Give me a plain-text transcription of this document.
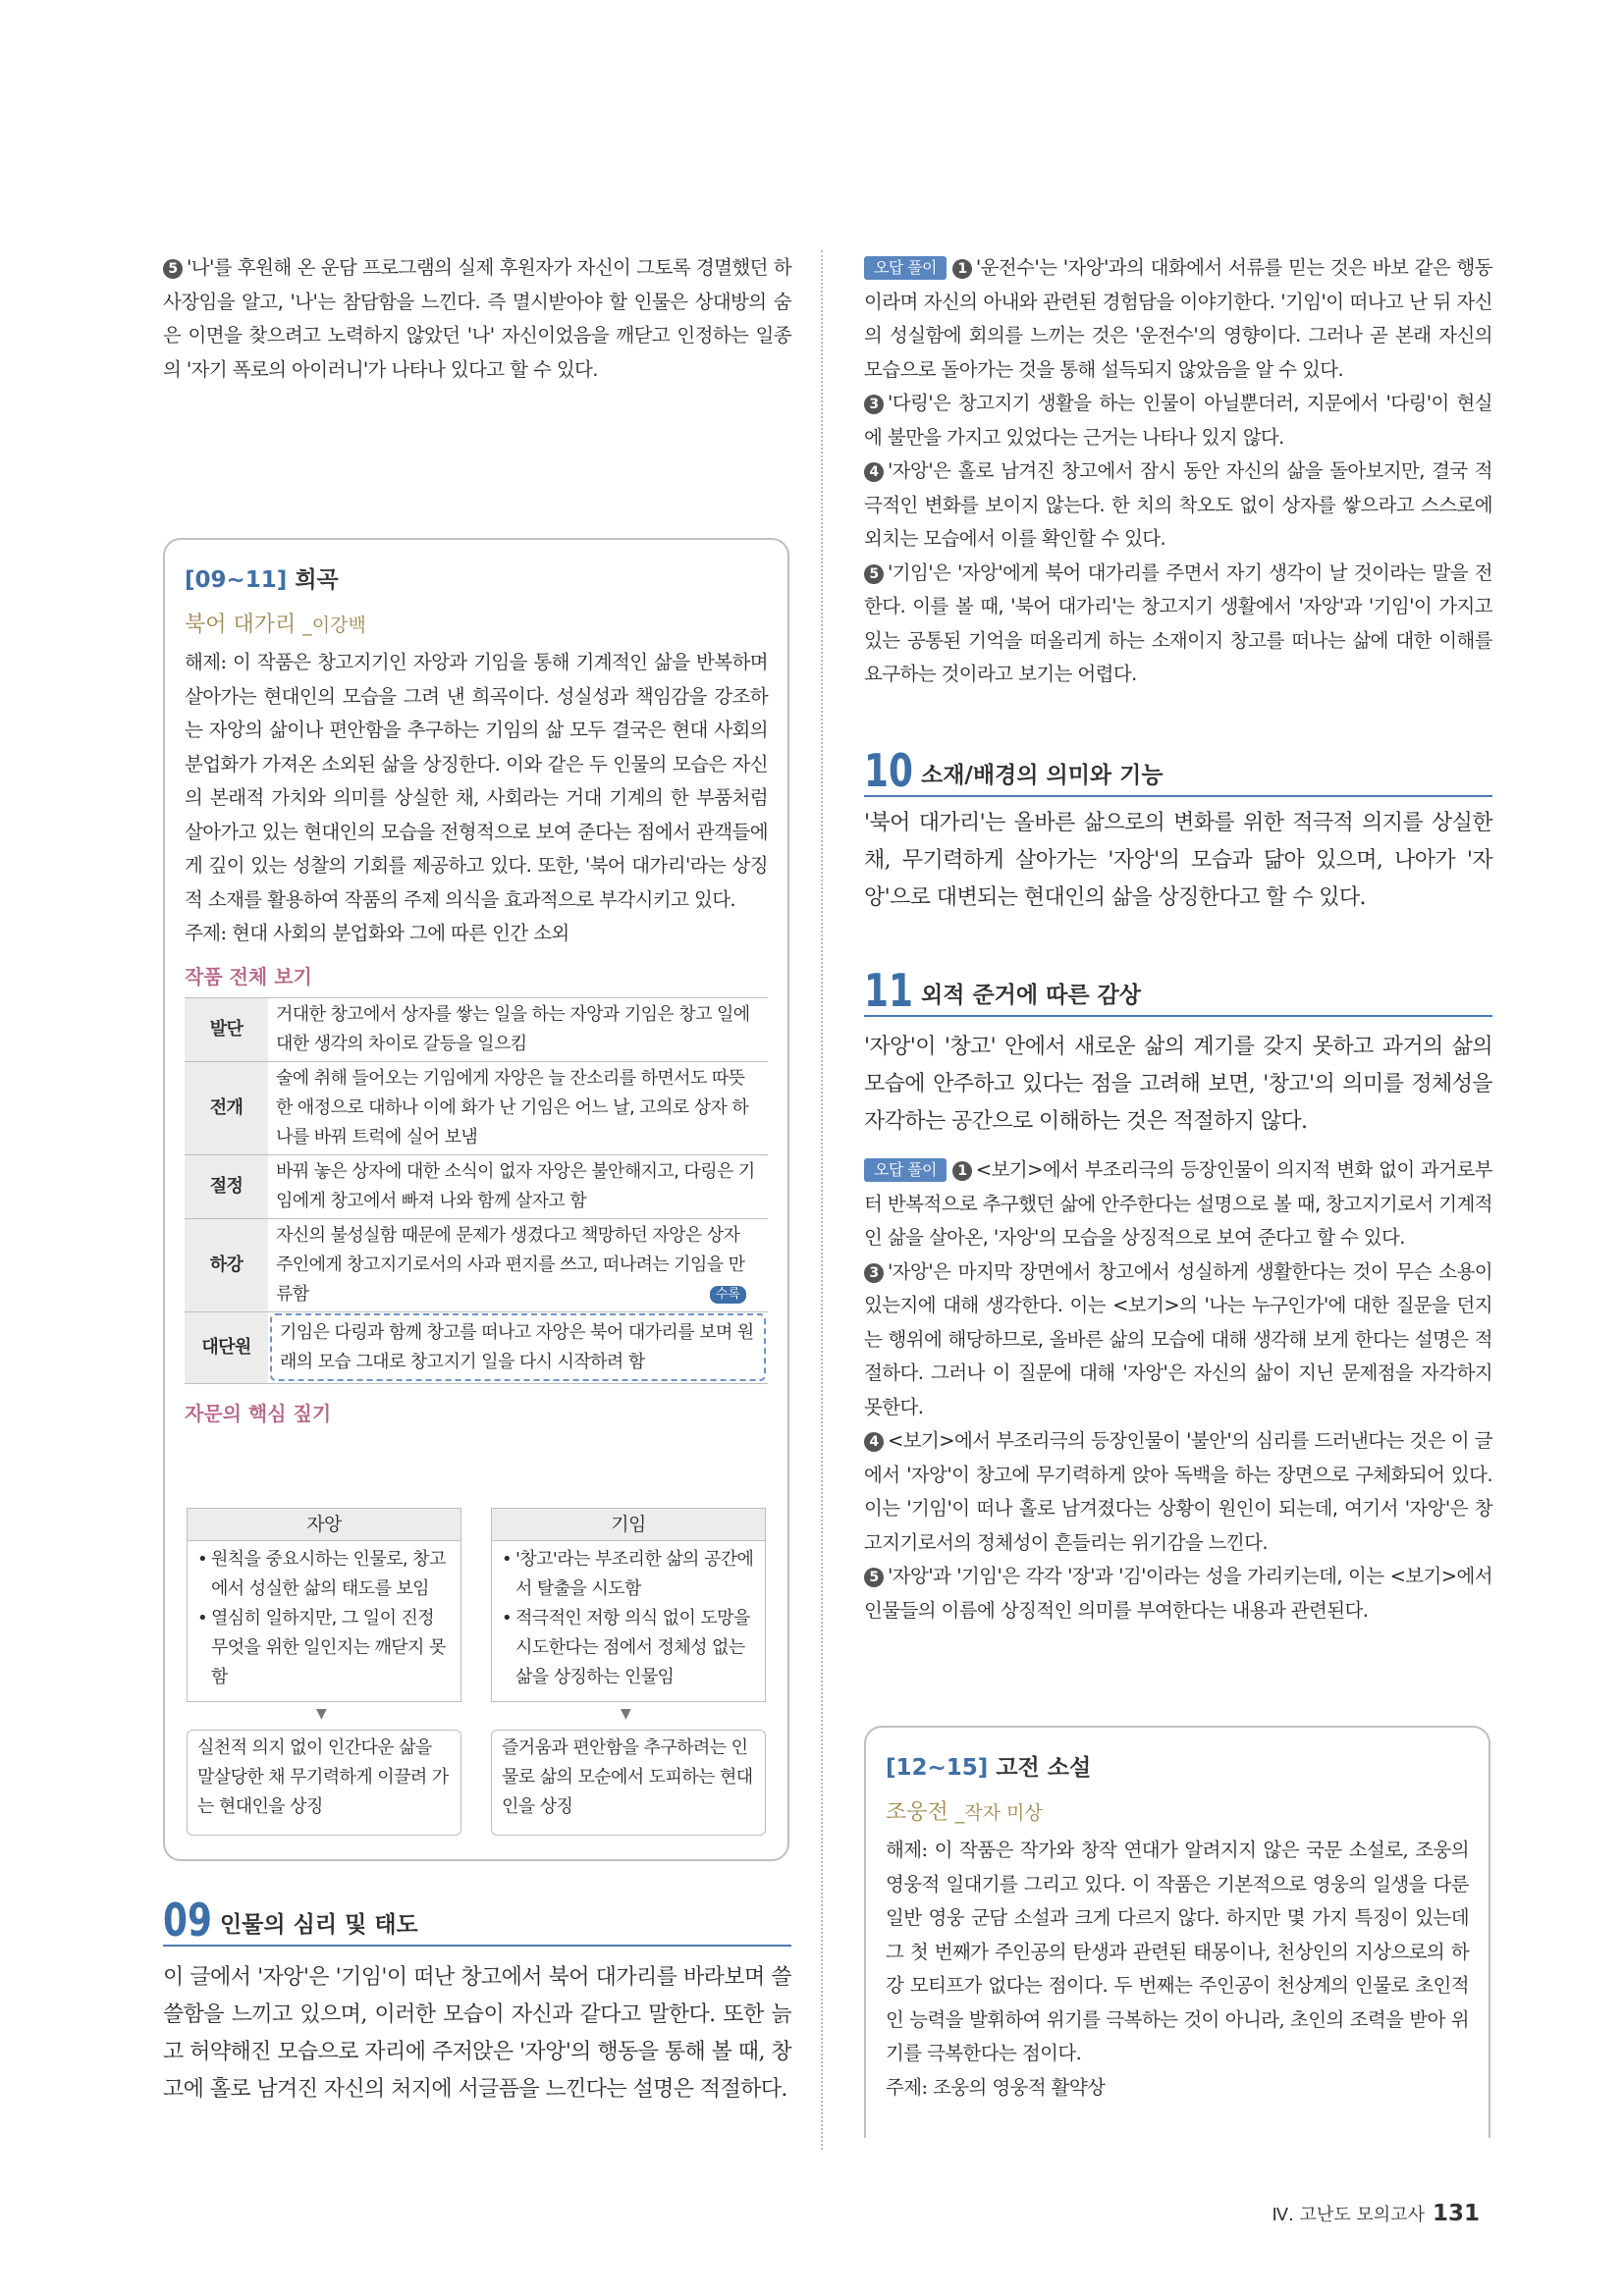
5 '나'를 후원해 온 운담 프로그램의 실제 후원자가 자신이 그토록 경멸했던 하 사장임을 알고, '나'는 참담함을 느낀다. 즉 멸시받아야 할 인물은 상대방의 숨은 이면을 찾으려고 노력하지 않았던 '나' 자신이었음을 깨닫고 인정하는 일종의 '자기 폭로의 아이러니'가 나타나 있다고 할 수 있다.

[09~11] 희곡
북어 대가리 _이강백

해제: 이 작품은 창고지기인 자앙과 기임을 통해 기계적인 삶을 반복하며 살아가는 현대인의 모습을 그려 낸 희곡이다. 성실성과 책임감을 강조하는 자앙의 삶이나 편안함을 추구하는 기임의 삶 모두 결국은 현대 사회의 분업화가 가져온 소외된 삶을 상징한다. 이와 같은 두 인물의 모습은 자신의 본래적 가치와 의미를 상실한 채, 사회라는 거대 기계의 한 부품처럼 살아가고 있는 현대인의 모습을 전형적으로 보여 준다는 점에서 관객들에게 깊이 있는 성찰의 기회를 제공하고 있다. 또한, '북어 대가리'라는 상징적 소재를 활용하여 작품의 주제 의식을 효과적으로 부각시키고 있다.

주제: 현대 사회의 분업화와 그에 따른 인간 소외

작품 전체 보기
발단	거대한 창고에서 상자를 쌓는 일을 하는 자앙과 기임은 창고 일에 대한 생각의 차이로 갈등을 일으킴
전개	술에 취해 들어오는 기임에게 자앙은 늘 잔소리를 하면서도 따뜻한 애정으로 대하나 이에 화가 난 기임은 어느 날, 고의로 상자 하나를 바꿔 트럭에 실어 보냄
절정	바꿔 놓은 상자에 대한 소식이 없자 자앙은 불안해지고, 다링은 기임에게 창고에서 빠져 나와 함께 살자고 함
하강	자신의 불성실함 때문에 문제가 생겼다고 책망하던 자앙은 상자 주인에게 창고지기로서의 사과 편지를 쓰고, 떠나려는 기임을 만류함
대단원	기임은 다링과 함께 창고를 떠나고 자앙은 북어 대가리를 보며 원래의 모습 그대로 창고지기 일을 다시 시작하려 함
수록
자문의 핵심 짚기
자앙
• 원칙을 중요시하는 인물로, 창고에서 성실한 삶의 태도를 보임
• 열심히 일하지만, 그 일이 진정 무엇을 위한 일인지는 깨닫지 못함
기임
• '창고'라는 부조리한 삶의 공간에서 탈출을 시도함
• 적극적인 저항 의식 없이 도망을 시도한다는 점에서 정체성 없는 삶을 상징하는 인물임
▼	▼
실천적 의지 없이 인간다운 삶을 말살당한 채 무기력하게 이끌려 가는 현대인을 상징
즐거움과 편안함을 추구하려는 인물로 삶의 모순에서 도피하는 현대인을 상징
09 인물의 심리 및 태도

이 글에서 '자앙'은 '기임'이 떠난 창고에서 북어 대가리를 바라보며 쓸쓸함을 느끼고 있으며, 이러한 모습이 자신과 같다고 말한다. 또한 늙고 허약해진 모습으로 자리에 주저앉은 '자앙'의 행동을 통해 볼 때, 창고에 홀로 남겨진 자신의 처지에 서글픔을 느낀다는 설명은 적절하다.

오답 풀이 1 '운전수'는 '자앙'과의 대화에서 서류를 믿는 것은 바보 같은 행동이라며 자신의 아내와 관련된 경험담을 이야기한다. '기임'이 떠나고 난 뒤 자신의 성실함에 회의를 느끼는 것은 '운전수'의 영향이다. 그러나 곧 본래 자신의 모습으로 돌아가는 것을 통해 설득되지 않았음을 알 수 있다.

3 '다링'은 창고지기 생활을 하는 인물이 아닐뿐더러, 지문에서 '다링'이 현실에 불만을 가지고 있었다는 근거는 나타나 있지 않다.

4 '자앙'은 홀로 남겨진 창고에서 잠시 동안 자신의 삶을 돌아보지만, 결국 적극적인 변화를 보이지 않는다. 한 치의 착오도 없이 상자를 쌓으라고 스스로에 외치는 모습에서 이를 확인할 수 있다.

5 '기임'은 '자앙'에게 북어 대가리를 주면서 자기 생각이 날 것이라는 말을 전한다. 이를 볼 때, '북어 대가리'는 창고지기 생활에서 '자앙'과 '기임'이 가지고 있는 공통된 기억을 떠올리게 하는 소재이지 창고를 떠나는 삶에 대한 이해를 요구하는 것이라고 보기는 어렵다.

10 소재/배경의 의미와 기능

'북어 대가리'는 올바른 삶으로의 변화를 위한 적극적 의지를 상실한 채, 무기력하게 살아가는 '자앙'의 모습과 닮아 있으며, 나아가 '자앙'으로 대변되는 현대인의 삶을 상징한다고 할 수 있다.

11 외적 준거에 따른 감상

'자앙'이 '창고' 안에서 새로운 삶의 계기를 갖지 못하고 과거의 삶의 모습에 안주하고 있다는 점을 고려해 보면, '창고'의 의미를 정체성을 자각하는 공간으로 이해하는 것은 적절하지 않다.

오답 풀이 1 <보기>에서 부조리극의 등장인물이 의지적 변화 없이 과거로부터 반복적으로 추구했던 삶에 안주한다는 설명으로 볼 때, 창고지기로서 기계적인 삶을 살아온, '자앙'의 모습을 상징적으로 보여 준다고 할 수 있다.

3 '자앙'은 마지막 장면에서 창고에서 성실하게 생활한다는 것이 무슨 소용이 있는지에 대해 생각한다. 이는 <보기>의 '나는 누구인가'에 대한 질문을 던지는 행위에 해당하므로, 올바른 삶의 모습에 대해 생각해 보게 한다는 설명은 적절하다. 그러나 이 질문에 대해 '자앙'은 자신의 삶이 지닌 문제점을 자각하지 못한다.

4 <보기>에서 부조리극의 등장인물이 '불안'의 심리를 드러낸다는 것은 이 글에서 '자앙'이 창고에 무기력하게 앉아 독백을 하는 장면으로 구체화되어 있다. 이는 '기임'이 떠나 홀로 남겨졌다는 상황이 원인이 되는데, 여기서 '자앙'은 창고지기로서의 정체성이 흔들리는 위기감을 느낀다.

5 '자앙'과 '기임'은 각각 '장'과 '김'이라는 성을 가리키는데, 이는 <보기>에서 인물들의 이름에 상징적인 의미를 부여한다는 내용과 관련된다.

[12~15] 고전 소설
조웅전 _작자 미상

해제: 이 작품은 작가와 창작 연대가 알려지지 않은 국문 소설로, 조웅의 영웅적 일대기를 그리고 있다. 이 작품은 기본적으로 영웅의 일생을 다룬 일반 영웅 군담 소설과 크게 다르지 않다. 하지만 몇 가지 특징이 있는데 그 첫 번째가 주인공의 탄생과 관련된 태몽이나, 천상인의 지상으로의 하강 모티프가 없다는 점이다. 두 번째는 주인공이 천상계의 인물로 초인적인 능력을 발휘하여 위기를 극복하는 것이 아니라, 초인의 조력을 받아 위기를 극복한다는 점이다.

주제: 조웅의 영웅적 활약상

Ⅳ. 고난도 모의고사 131
